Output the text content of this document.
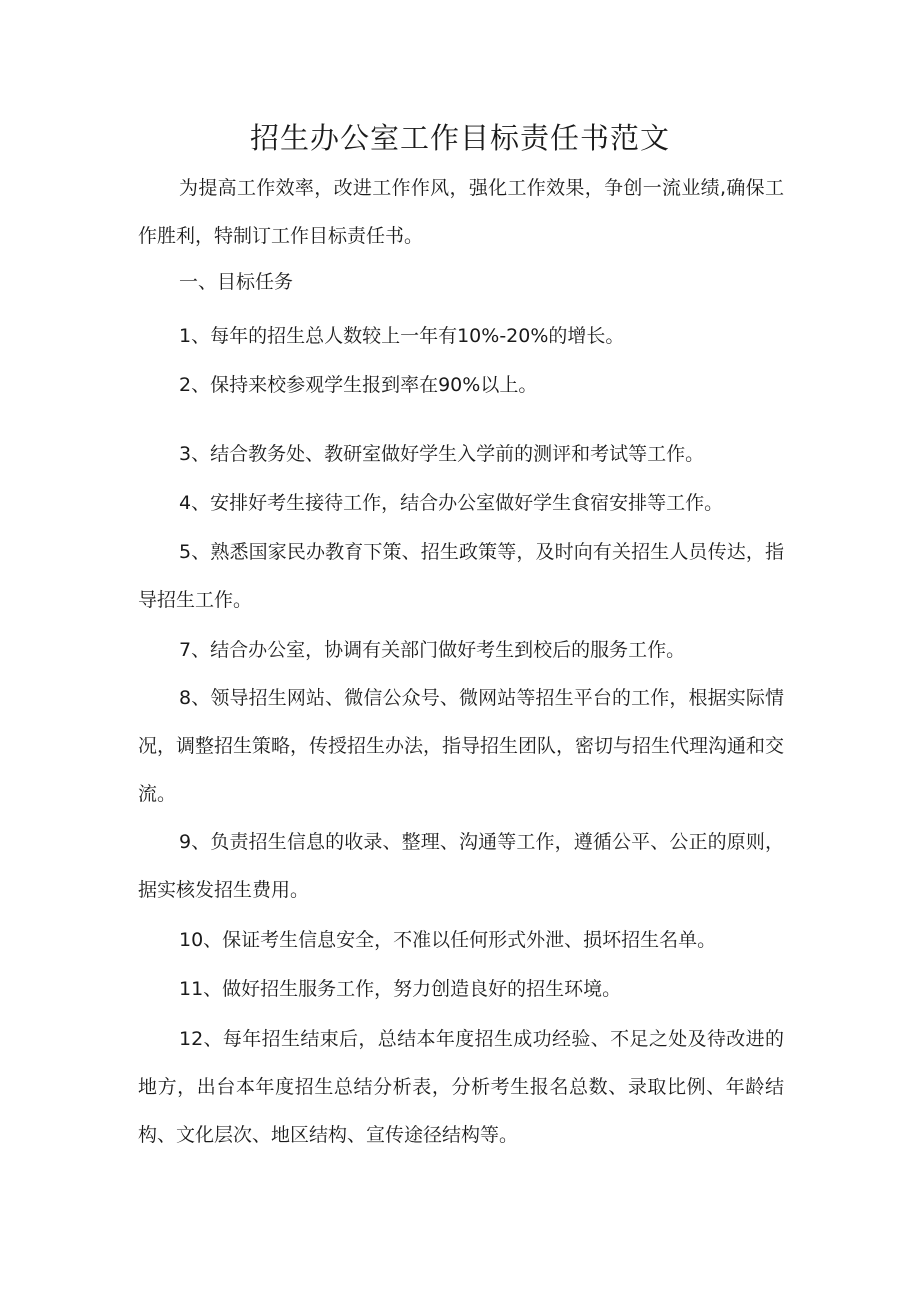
招生办公室工作目标责任书范文

为提高工作效率，改进工作作风，强化工作效果，争创一流业绩,确保工作胜利，特制订工作目标责任书。

一、目标任务

1、每年的招生总人数较上一年有10%-20%的增长。

2、保持来校参观学生报到率在90%以上。

3、结合教务处、教研室做好学生入学前的测评和考试等工作。

4、安排好考生接待工作，结合办公室做好学生食宿安排等工作。

5、熟悉国家民办教育下策、招生政策等，及时向有关招生人员传达，指导招生工作。

7、结合办公室，协调有关部门做好考生到校后的服务工作。

8、领导招生网站、微信公众号、微网站等招生平台的工作，根据实际情况，调整招生策略，传授招生办法，指导招生团队，密切与招生代理沟通和交流。

9、负责招生信息的收录、整理、沟通等工作，遵循公平、公正的原则，据实核发招生费用。

10、保证考生信息安全，不准以任何形式外泄、损坏招生名单。

11、做好招生服务工作，努力创造良好的招生环境。

12、每年招生结束后，总结本年度招生成功经验、不足之处及待改进的地方，出台本年度招生总结分析表，分析考生报名总数、录取比例、年龄结构、文化层次、地区结构、宣传途径结构等。
